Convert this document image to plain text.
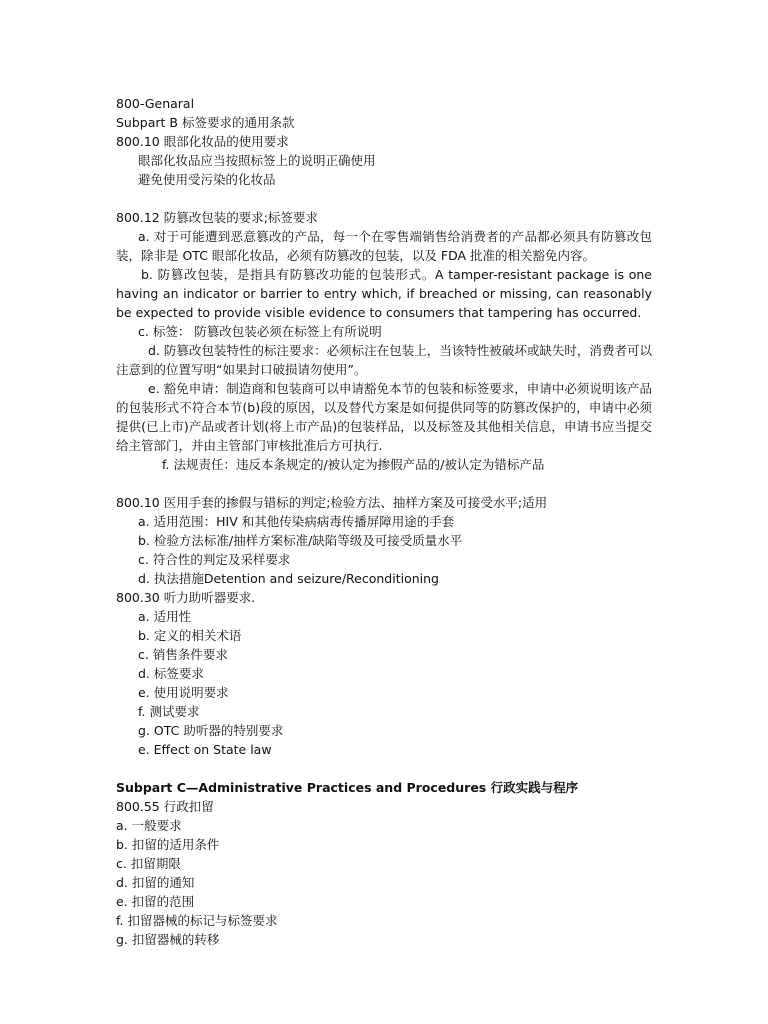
800-Genaral
Subpart B 标签要求的通用条款
800.10 眼部化妆品的使用要求
眼部化妆品应当按照标签上的说明正确使用
避免使用受污染的化妆品
800.12 防篡改包装的要求;标签要求
a. 对于可能遭到恶意篡改的产品，每一个在零售端销售给消费者的产品都必须具有防篡改包装，除非是 OTC 眼部化妆品，必须有防篡改的包装，以及 FDA 批准的相关豁免内容。
b. 防篡改包装，是指具有防篡改功能的包装形式。A tamper-resistant package is one having an indicator or barrier to entry which, if breached or missing, can reasonably be expected to provide visible evidence to consumers that tampering has occurred.
c. 标签： 防篡改包装必须在标签上有所说明
d. 防篡改包装特性的标注要求：必须标注在包装上，当该特性被破坏或缺失时，消费者可以注意到的位置写明“如果封口破损请勿使用”。
e. 豁免申请：制造商和包装商可以申请豁免本节的包装和标签要求，申请中必须说明该产品的包装形式不符合本节(b)段的原因，以及替代方案是如何提供同等的防篡改保护的，申请中必须提供(已上市)产品或者计划(将上市产品)的包装样品，以及标签及其他相关信息，申请书应当提交给主管部门，并由主管部门审核批准后方可执行.
f. 法规责任：违反本条规定的/被认定为掺假产品的/被认定为错标产品
800.10 医用手套的掺假与错标的判定;检验方法、抽样方案及可接受水平;适用
a. 适用范围：HIV 和其他传染病病毒传播屏障用途的手套
b. 检验方法标准/抽样方案标准/缺陷等级及可接受质量水平
c. 符合性的判定及采样要求
d. 执法措施Detention and seizure/Reconditioning
800.30 听力助听器要求.
a. 适用性
b. 定义的相关术语
c. 销售条件要求
d. 标签要求
e. 使用说明要求
f. 测试要求
g. OTC 助听器的特别要求
e. Effect on State law
Subpart C—Administrative Practices and Procedures 行政实践与程序
800.55 行政扣留
a. 一般要求
b. 扣留的适用条件
c. 扣留期限
d. 扣留的通知
e. 扣留的范围
f. 扣留器械的标记与标签要求
g. 扣留器械的转移
